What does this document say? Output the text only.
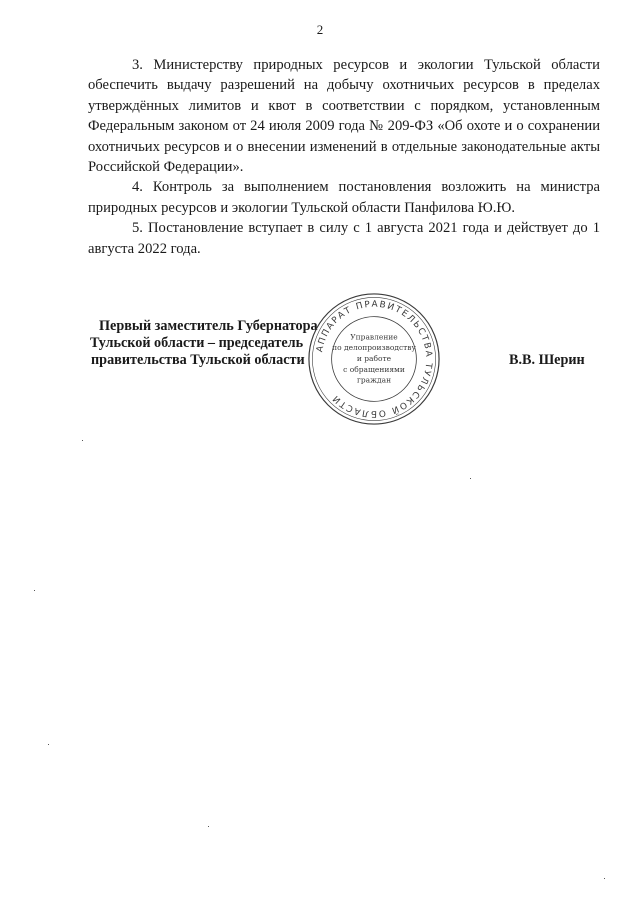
2

3. Министерству природных ресурсов и экологии Тульской области обеспечить выдачу разрешений на добычу охотничьих ресурсов в пределах утверждённых лимитов и квот в соответствии с порядком, установленным Федеральным законом от 24 июля 2009 года № 209-ФЗ «Об охоте и о сохранении охотничьих ресурсов и о внесении изменений в отдельные законодательные акты Российской Федерации».

4. Контроль за выполнением постановления возложить на министра природных ресурсов и экологии Тульской области Панфилова Ю.Ю.

5. Постановление вступает в силу с 1 августа 2021 года и действует до 1 августа 2022 года.

Первый заместитель Губернатора
Тульской области – председатель
правительства Тульской области	В.В. Шерин
АППАРАТ ПРАВИТЕЛЬСТВА ТУЛЬСКОЙ ОБЛАСТИ
Управление
по делопроизводству
и работе
с обращениями
граждан
